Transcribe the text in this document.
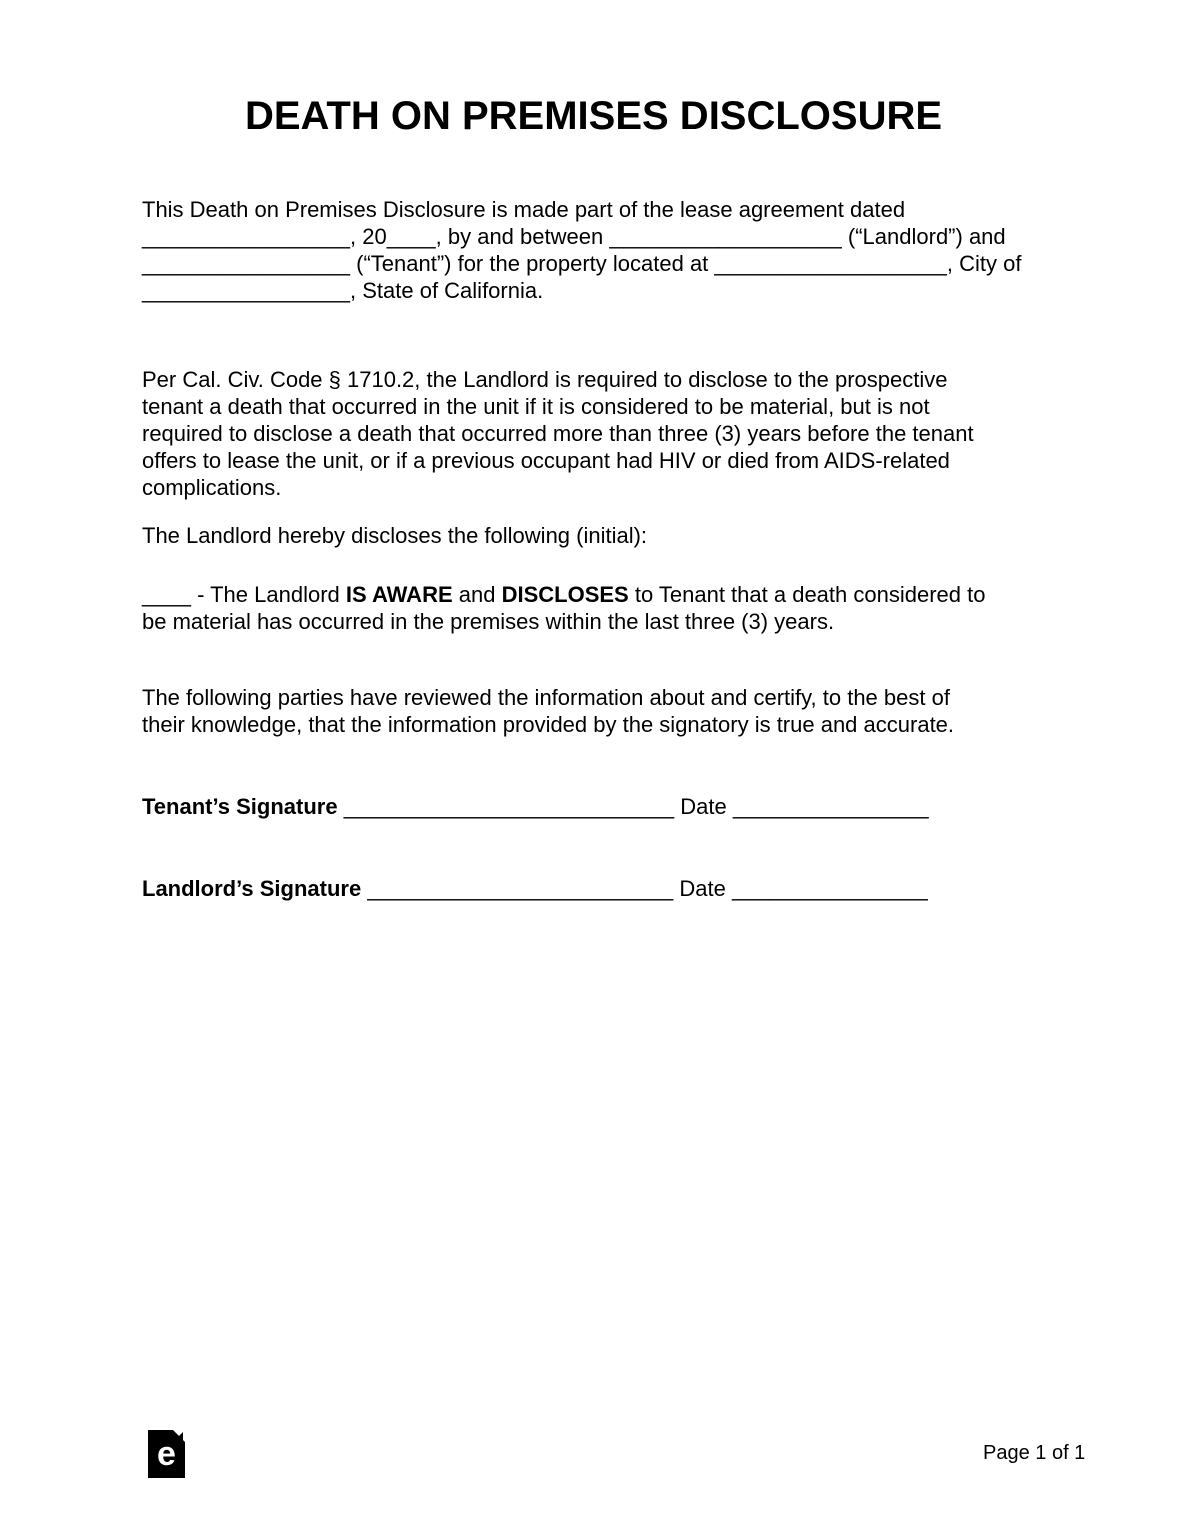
DEATH ON PREMISES DISCLOSURE
This Death on Premises Disclosure is made part of the lease agreement dated
_________________, 20____, by and between ___________________ (“Landlord”) and
_________________ (“Tenant”) for the property located at ___________________, City of
_________________, State of California.
Per Cal. Civ. Code § 1710.2, the Landlord is required to disclose to the prospective
tenant a death that occurred in the unit if it is considered to be material, but is not
required to disclose a death that occurred more than three (3) years before the tenant
offers to lease the unit, or if a previous occupant had HIV or died from AIDS-related
complications.
The Landlord hereby discloses the following (initial):
____ - The Landlord IS AWARE and DISCLOSES to Tenant that a death considered to
be material has occurred in the premises within the last three (3) years.
The following parties have reviewed the information about and certify, to the best of
their knowledge, that the information provided by the signatory is true and accurate.
Tenant’s Signature ___________________________ Date ________________
Landlord’s Signature _________________________ Date ________________
e	Page 1 of 1
